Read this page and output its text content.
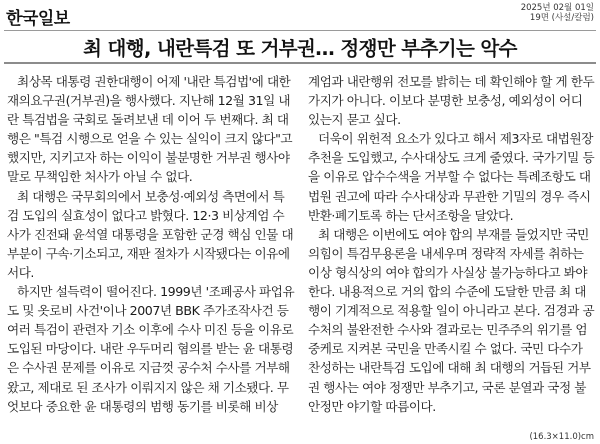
한국일보
2025년 02월 01일
19면 (사설/칼럼)
최 대행, 내란특검 또 거부권… 정쟁만 부추기는 악수

최상목 대통령 권한대행이 어제 '내란 특검법'에 대한 재의요구권(거부권)을 행사했다. 지난해 12월 31일 내란 특검법을 국회로 돌려보낸 데 이어 두 번째다. 최 대행은 "특검 시행으로 얻을 수 있는 실익이 크지 않다"고 했지만, 지키고자 하는 이익이 불분명한 거부권 행사야말로 무책임한 처사가 아닐 수 없다.

최 대행은 국무회의에서 보충성·예외성 측면에서 특검 도입의 실효성이 없다고 밝혔다. 12·3 비상계엄 수사가 진전돼 윤석열 대통령을 포함한 군경 핵심 인물 대부분이 구속·기소되고, 재판 절차가 시작됐다는 이유에서다.

하지만 설득력이 떨어진다. 1999년 '조폐공사 파업유도 및 옷로비 사건'이나 2007년 BBK 주가조작사건 등 여러 특검이 관련자 기소 이후에 수사 미진 등을 이유로 도입된 마당이다. 내란 우두머리 혐의를 받는 윤 대통령은 수사권 문제를 이유로 지금껏 공수처 수사를 거부해 왔고, 제대로 된 조사가 이뤄지지 않은 채 기소됐다. 무엇보다 중요한 윤 대통령의 범행 동기를 비롯해 비상

계엄과 내란행위 전모를 밝히는 데 확인해야 할 게 한두 가지가 아니다. 이보다 분명한 보충성, 예외성이 어디 있는지 묻고 싶다.

더욱이 위헌적 요소가 있다고 해서 제3자로 대법원장 추천을 도입했고, 수사대상도 크게 줄였다. 국가기밀 등을 이유로 압수수색을 거부할 수 없다는 특례조항도 대법원 권고에 따라 수사대상과 무관한 기밀의 경우 즉시 반환·폐기토록 하는 단서조항을 달았다.

최 대행은 이번에도 여야 합의 부재를 들었지만 국민의힘이 특검무용론을 내세우며 정략적 자세를 취하는 이상 형식상의 여야 합의가 사실상 불가능하다고 봐야 한다. 내용적으로 거의 합의 수준에 도달한 만큼 최 대행이 기계적으로 적용할 일이 아니라고 본다. 검경과 공수처의 불완전한 수사와 결과로는 민주주의 위기를 엄중케로 지켜본 국민을 만족시킬 수 없다. 국민 다수가 찬성하는 내란특검 도입에 대해 최 대행의 거듭된 거부권 행사는 여야 정쟁만 부추기고, 국론 분열과 국정 불안정만 야기할 따름이다.

(16.3×11.0)cm
